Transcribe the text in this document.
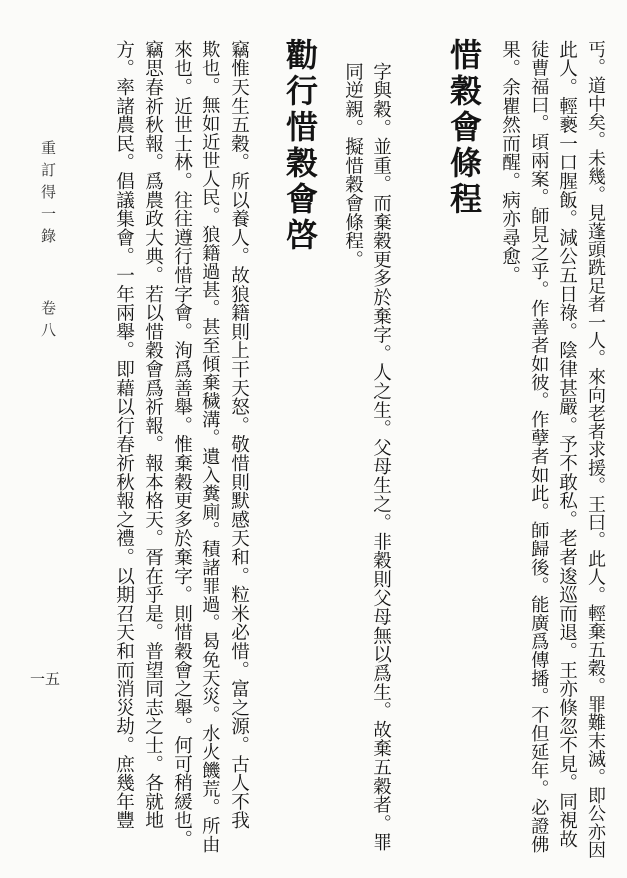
丐。道中矣。未幾。見蓬頭跣足者一人。來向老者求援。王曰。此人。輕棄五穀。罪難末滅。即公亦因
此人。輕褻一口腥飯。減公五日祿。陰律甚嚴。予不敢私。老者逡巡而退。王亦倏忽不見。同視故
徒曹福曰。頃兩案。師見之乎。作善者如彼。作孽者如此。師歸後。能廣爲傳播。不但延年。必證佛
果。余瞿然而醒。病亦尋愈。
惜穀會條程
字與穀。並重。而棄穀更多於棄字。人之生。父母生之。非穀則父母無以爲生。故棄五穀者。罪
同逆親。擬惜穀會條程。
勸行惜穀會啓
竊惟天生五穀。所以養人。故狼籍則上干天怒。敬惜則默感天和。粒米必惜。富之源。古人不我
欺也。無如近世人民。狼籍過甚。甚至傾棄穢溝。遺入糞廁。積諸罪過。曷免天災。水火饑荒。所由
來也。近世士林。往往遵行惜字會。洵爲善舉。惟棄穀更多於棄字。則惜穀會之舉。何可稍緩也。
竊思春祈秋報。爲農政大典。若以惜穀會爲祈報。報本格天。胥在乎是。普望同志之士。各就地
方。率諸農民。倡議集會。一年兩舉。即藉以行春祈秋報之禮。以期召天和而消災劫。庶幾年豐
重訂得一錄
卷八
一五
